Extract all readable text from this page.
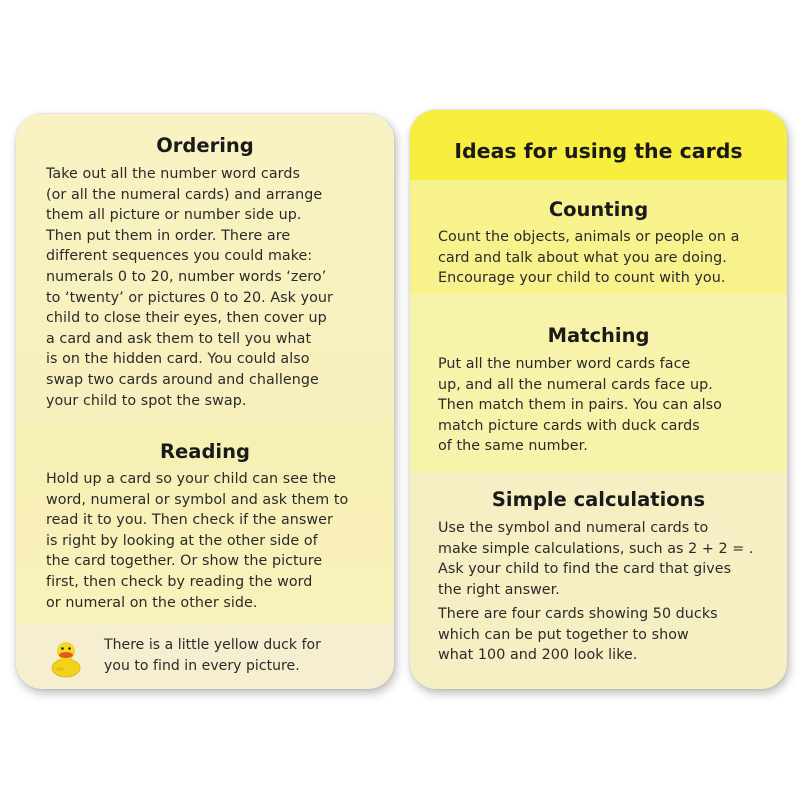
Ordering

Take out all the number word cards
(or all the numeral cards) and arrange
them all picture or number side up.
Then put them in order. There are
different sequences you could make:
numerals 0 to 20, number words ‘zero’
to ‘twenty’ or pictures 0 to 20. Ask your
child to close their eyes, then cover up
a card and ask them to tell you what
is on the hidden card. You could also
swap two cards around and challenge
your child to spot the swap.

Reading

Hold up a card so your child can see the
word, numeral or symbol and ask them to
read it to you. Then check if the answer
is right by looking at the other side of
the card together. Or show the picture
first, then check by reading the word
or numeral on the other side.

There is a little yellow duck for
you to find in every picture.

Ideas for using the cards
Counting

Count the objects, animals or people on a
card and talk about what you are doing.
Encourage your child to count with you.

Matching

Put all the number word cards face
up, and all the numeral cards face up.
Then match them in pairs. You can also
match picture cards with duck cards
of the same number.

Simple calculations

Use the symbol and numeral cards to
make simple calculations, such as 2 + 2 = .
Ask your child to find the card that gives
the right answer.

There are four cards showing 50 ducks
which can be put together to show
what 100 and 200 look like.
